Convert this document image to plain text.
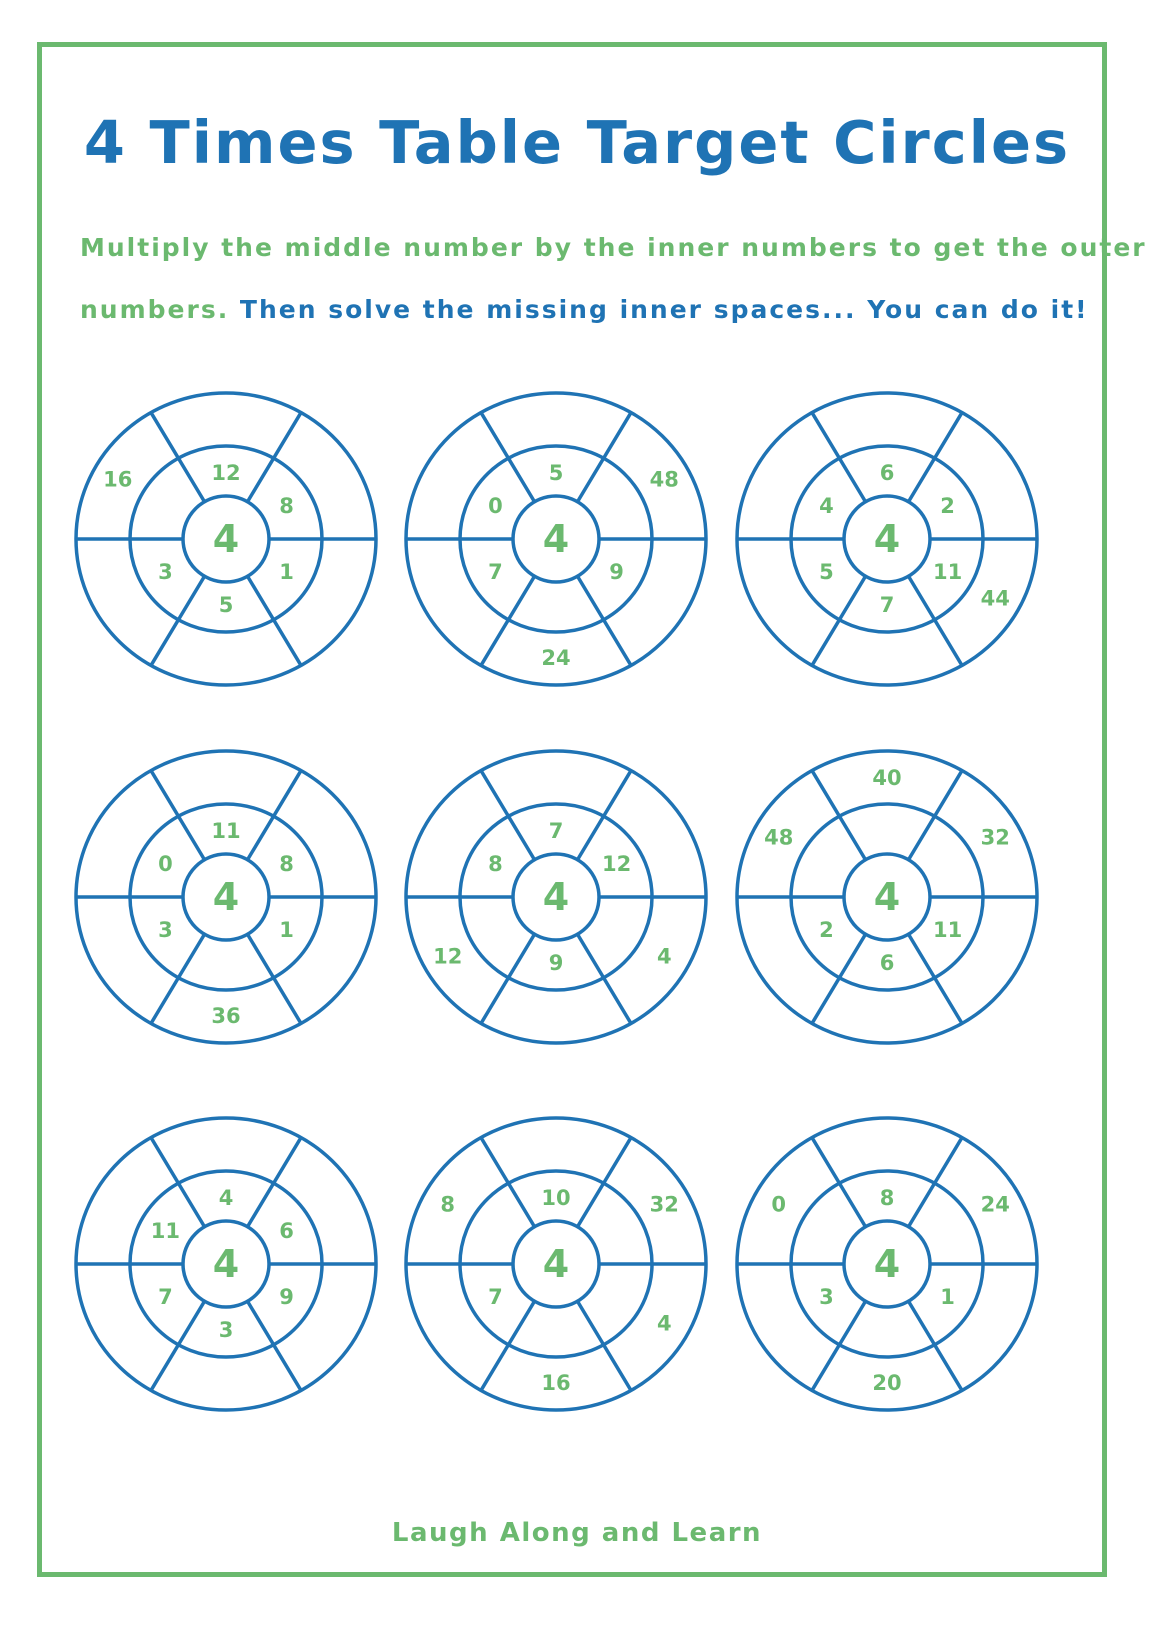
4 Times Table Target Circles
Multiply the middle number by the inner numbers to get the outer
numbers. Then solve the missing inner spaces... You can do it!
4
12
8
1
5
3
16
4
5
9
7
0
48
24
4
6
2
11
7
5
4
44
4
11
8
1
3
0
36
4
7
12
9
8
4
12
4
11
6
2
40
32
48
4
4
6
9
3
7
11
4
10
7
32
4
16
8
4
8
1
3
24
20
0
Laugh Along and Learn
